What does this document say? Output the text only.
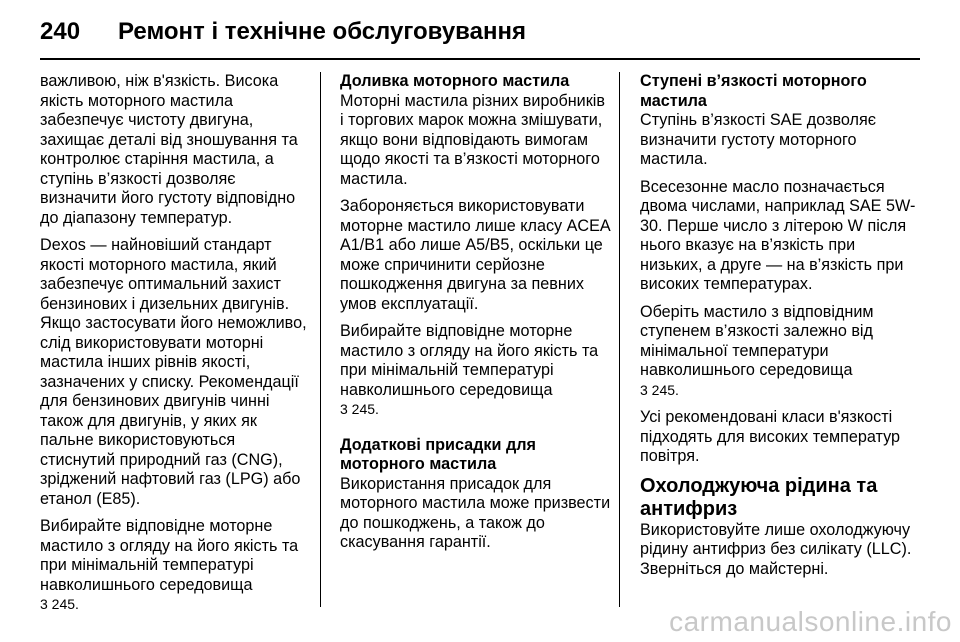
240 Ремонт і технічне обслуговування

важливою, ніж в'язкість. Висока якість моторного мастила забезпечує чистоту двигуна, захищає деталі від зношування та контролює старіння мастила, а ступінь в’язкості дозволяє визначити його густоту відповідно до діапазону температур.

Dexos — найновіший стандарт якості моторного мастила, який забезпечує оптимальний захист бензинових і дизельних двигунів. Якщо застосувати його неможливо, слід використовувати моторні мастила інших рівнів якості, зазначених у списку. Рекомендації для бензинових двигунів чинні також для двигунів, у яких як пальне використовуються стиснутий природний газ (CNG), зріджений нафтовий газ (LPG) або етанол (E85).

Вибирайте відповідне моторне мастило з огляду на його якість та при мінімальній температурі навколишнього середовища
3 245.

Доливка моторного мастила

Моторні мастила різних виробників і торгових марок можна змішувати, якщо вони відповідають вимогам щодо якості та в’язкості моторного мастила.

Забороняється використовувати моторне мастило лише класу ACEA A1/B1 або лише A5/B5, оскільки це може спричинити серйозне пошкодження двигуна за певних умов експлуатації.

Вибирайте відповідне моторне мастило з огляду на його якість та при мінімальній температурі навколишнього середовища
3 245.

Додаткові присадки для моторного мастила

Використання присадок для моторного мастила може призвести до пошкоджень, а також до скасування гарантії.

Ступені в’язкості моторного мастила

Ступінь в’язкості SAE дозволяє визначити густоту моторного мастила.

Всесезонне масло позначається двома числами, наприклад SAE 5W-30. Перше число з літерою W після нього вказує на в’язкість при низьких, а друге — на в’язкість при високих температурах.

Оберіть мастило з відповідним ступенем в’язкості залежно від мінімальної температури навколишнього середовища
3 245.

Усі рекомендовані класи в'язкості підходять для високих температур повітря.

Охолоджуюча рідина та антифриз

Використовуйте лише охолоджуючу рідину антифриз без силікату (LLC). Зверніться до майстерні.

carmanualsonline.info
